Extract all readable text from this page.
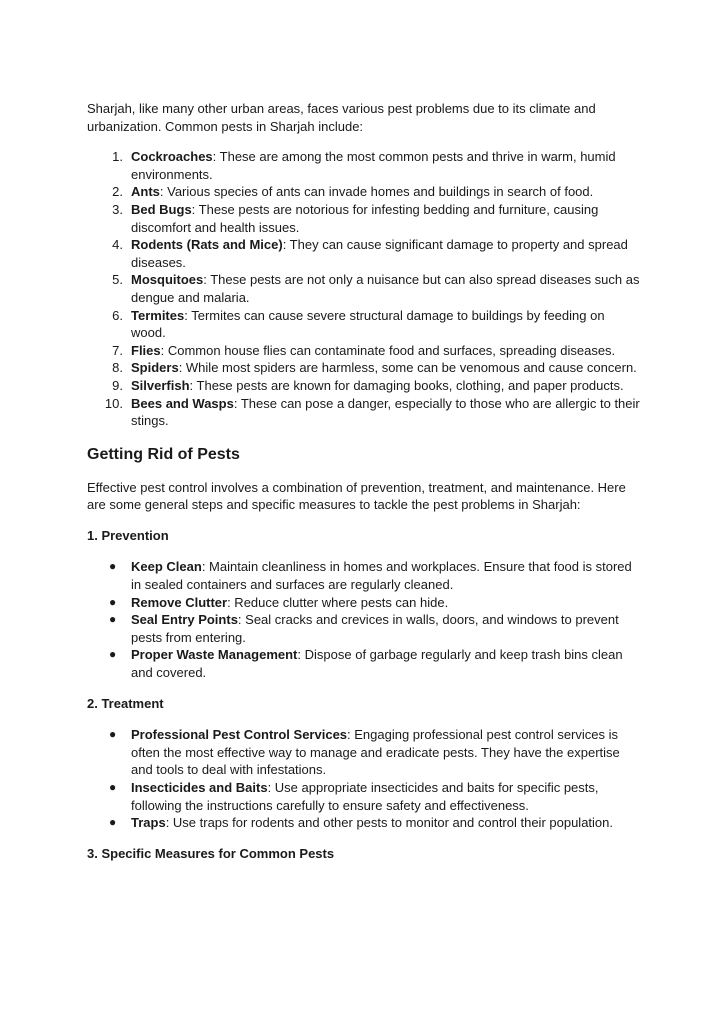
Sharjah, like many other urban areas, faces various pest problems due to its climate and urbanization. Common pests in Sharjah include:

1. Cockroaches: These are among the most common pests and thrive in warm, humid environments.
2. Ants: Various species of ants can invade homes and buildings in search of food.
3. Bed Bugs: These pests are notorious for infesting bedding and furniture, causing discomfort and health issues.
4. Rodents (Rats and Mice): They can cause significant damage to property and spread diseases.
5. Mosquitoes: These pests are not only a nuisance but can also spread diseases such as dengue and malaria.
6. Termites: Termites can cause severe structural damage to buildings by feeding on wood.
7. Flies: Common house flies can contaminate food and surfaces, spreading diseases.
8. Spiders: While most spiders are harmless, some can be venomous and cause concern.
9. Silverfish: These pests are known for damaging books, clothing, and paper products.
10. Bees and Wasps: These can pose a danger, especially to those who are allergic to their stings.
Getting Rid of Pests

Effective pest control involves a combination of prevention, treatment, and maintenance. Here are some general steps and specific measures to tackle the pest problems in Sharjah:

1. Prevention
● Keep Clean: Maintain cleanliness in homes and workplaces. Ensure that food is stored in sealed containers and surfaces are regularly cleaned.
● Remove Clutter: Reduce clutter where pests can hide.
● Seal Entry Points: Seal cracks and crevices in walls, doors, and windows to prevent pests from entering.
● Proper Waste Management: Dispose of garbage regularly and keep trash bins clean and covered.
2. Treatment
● Professional Pest Control Services: Engaging professional pest control services is often the most effective way to manage and eradicate pests. They have the expertise and tools to deal with infestations.
● Insecticides and Baits: Use appropriate insecticides and baits for specific pests, following the instructions carefully to ensure safety and effectiveness.
● Traps: Use traps for rodents and other pests to monitor and control their population.
3. Specific Measures for Common Pests
